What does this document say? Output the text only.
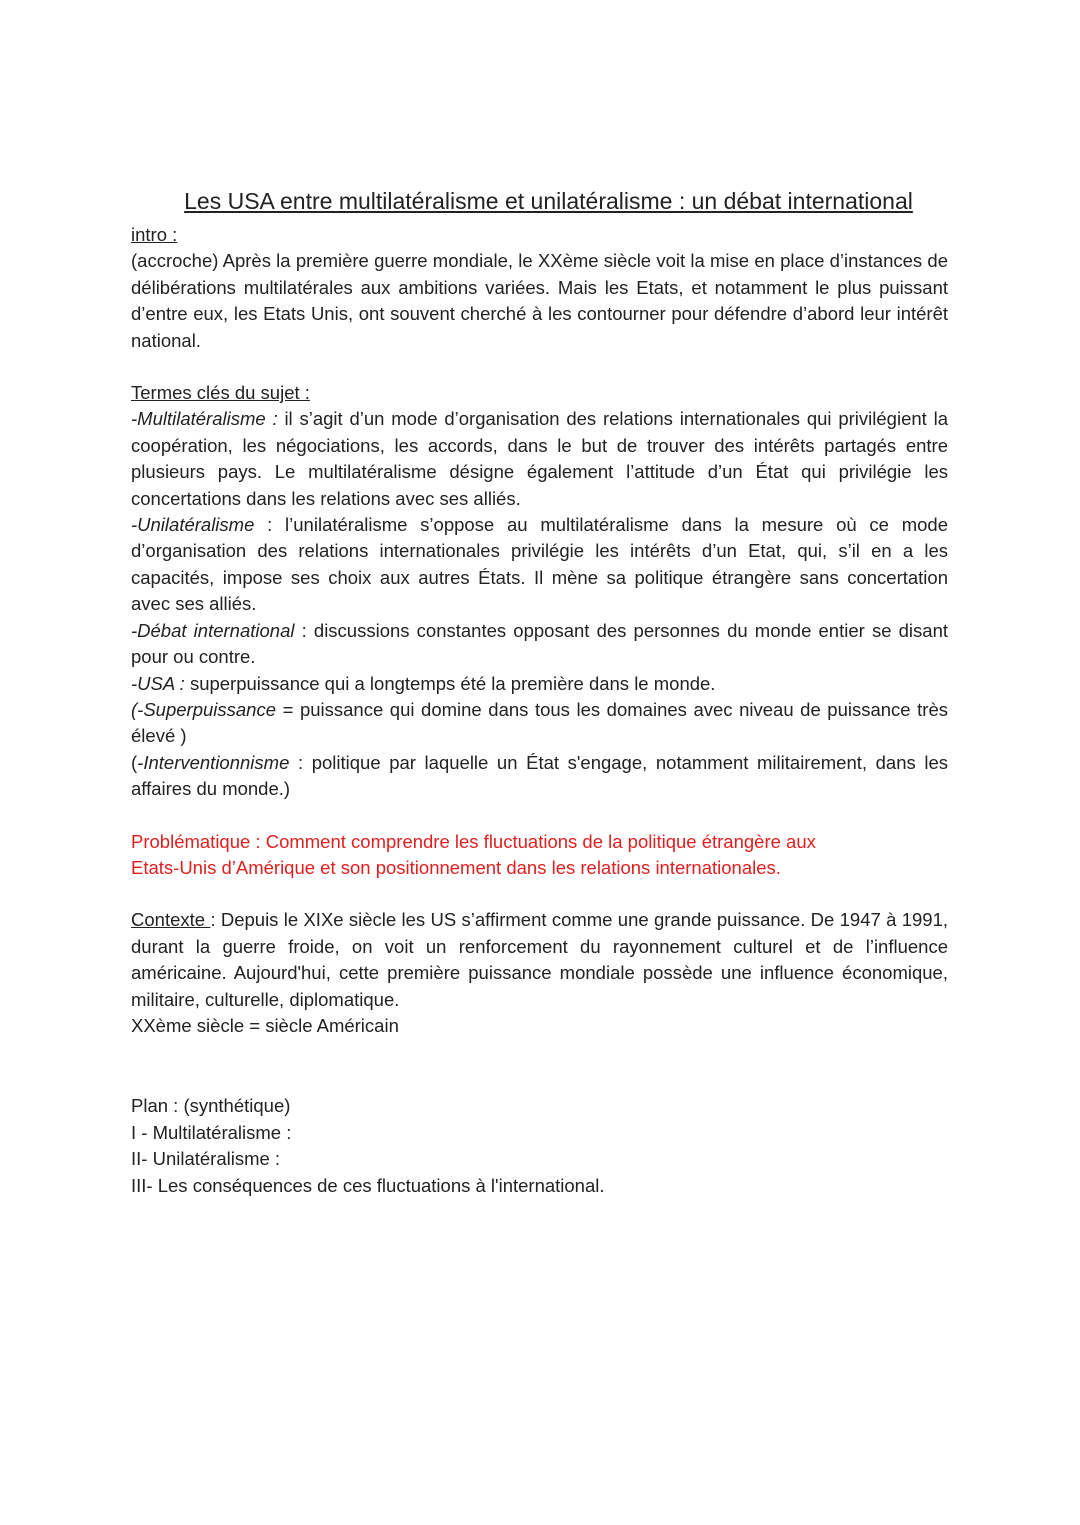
Les USA entre multilatéralisme et unilatéralisme : un débat international
intro :

(accroche) Après la première guerre mondiale, le XXème siècle voit la mise en place d’instances de délibérations multilatérales aux ambitions variées. Mais les Etats, et notamment le plus puissant d’entre eux, les Etats Unis, ont souvent cherché à les contourner pour défendre d’abord leur intérêt national.

Termes clés du sujet :

-Multilatéralisme : il s’agit d’un mode d’organisation des relations internationales qui privilégient la coopération, les négociations, les accords, dans le but de trouver des intérêts partagés entre plusieurs pays. Le multilatéralisme désigne également l’attitude d’un État qui privilégie les concertations dans les relations avec ses alliés.

-Unilatéralisme : l’unilatéralisme s’oppose au multilatéralisme dans la mesure où ce mode d’organisation des relations internationales privilégie les intérêts d’un Etat, qui, s’il en a les capacités, impose ses choix aux autres États. Il mène sa politique étrangère sans concertation avec ses alliés.

-Débat international : discussions constantes opposant des personnes du monde entier se disant pour ou contre.

-USA : superpuissance qui a longtemps été la première dans le monde.

(-Superpuissance = puissance qui domine dans tous les domaines avec niveau de puissance très élevé )

(-Interventionnisme : politique par laquelle un État s'engage, notamment militairement, dans les affaires du monde.)

Problématique : Comment comprendre les fluctuations de la politique étrangère aux
Etats-Unis d’Amérique et son positionnement dans les relations internationales.

Contexte : Depuis le XIXe siècle les US s’affirment comme une grande puissance. De 1947 à 1991, durant la guerre froide, on voit un renforcement du rayonnement culturel et de l’influence américaine. Aujourd'hui, cette première puissance mondiale possède une influence économique, militaire, culturelle, diplomatique.

XXème siècle = siècle Américain
Plan : (synthétique)
I - Multilatéralisme :
II- Unilatéralisme :
III- Les conséquences de ces fluctuations à l'international.
